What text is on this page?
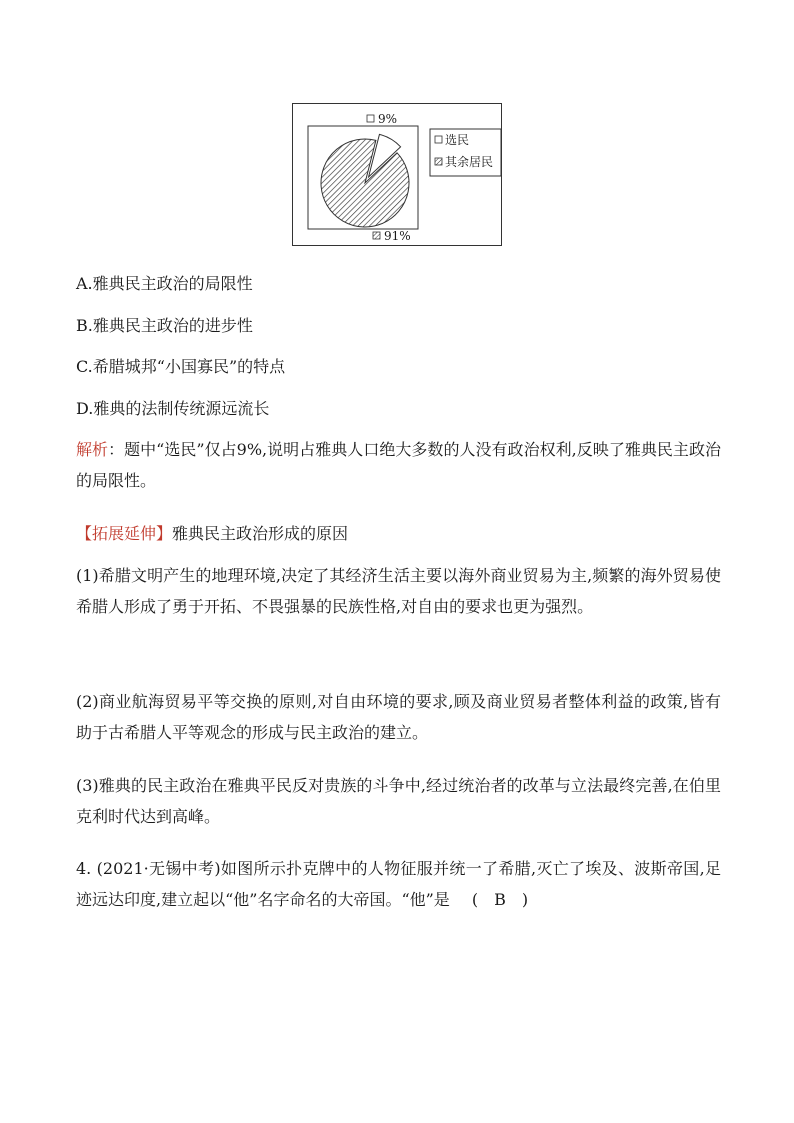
9%
91%
选民
其余居民
A.雅典民主政治的局限性
B.雅典民主政治的进步性
C.希腊城邦“小国寡民”的特点
D.雅典的法制传统源远流长
解析：题中“选民”仅占9%,说明占雅典人口绝大多数的人没有政治权利,反映了雅典民主政治的局限性。
【拓展延伸】雅典民主政治形成的原因
(1)希腊文明产生的地理环境,决定了其经济生活主要以海外商业贸易为主,频繁的海外贸易使希腊人形成了勇于开拓、不畏强暴的民族性格,对自由的要求也更为强烈。
(2)商业航海贸易平等交换的原则,对自由环境的要求,顾及商业贸易者整体利益的政策,皆有助于古希腊人平等观念的形成与民主政治的建立。
(3)雅典的民主政治在雅典平民反对贵族的斗争中,经过统治者的改革与立法最终完善,在伯里克利时代达到高峰。
4. (2021·无锡中考)如图所示扑克牌中的人物征服并统一了希腊,灭亡了埃及、波斯帝国,足迹远达印度,建立起以“他”名字命名的大帝国。“他”是 ( B )
